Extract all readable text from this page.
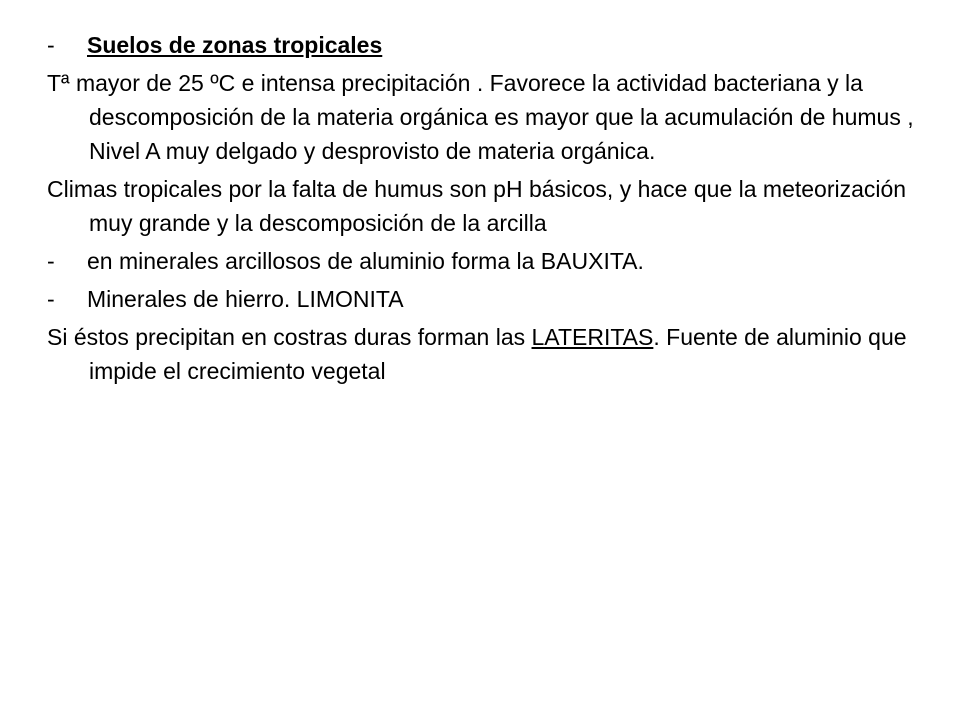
- Suelos de zonas tropicales

Tª mayor de 25 ºC e intensa precipitación . Favorece la actividad bacteriana y la descomposición de la materia orgánica es mayor que la acumulación de humus , Nivel A muy delgado y desprovisto de materia orgánica.

Climas tropicales por la falta de humus son pH básicos, y hace que la meteorización muy grande y la descomposición de la arcilla

- en minerales arcillosos de aluminio forma la BAUXITA.

- Minerales de hierro. LIMONITA

Si éstos precipitan en costras duras forman las LATERITAS. Fuente de aluminio que impide el crecimiento vegetal
